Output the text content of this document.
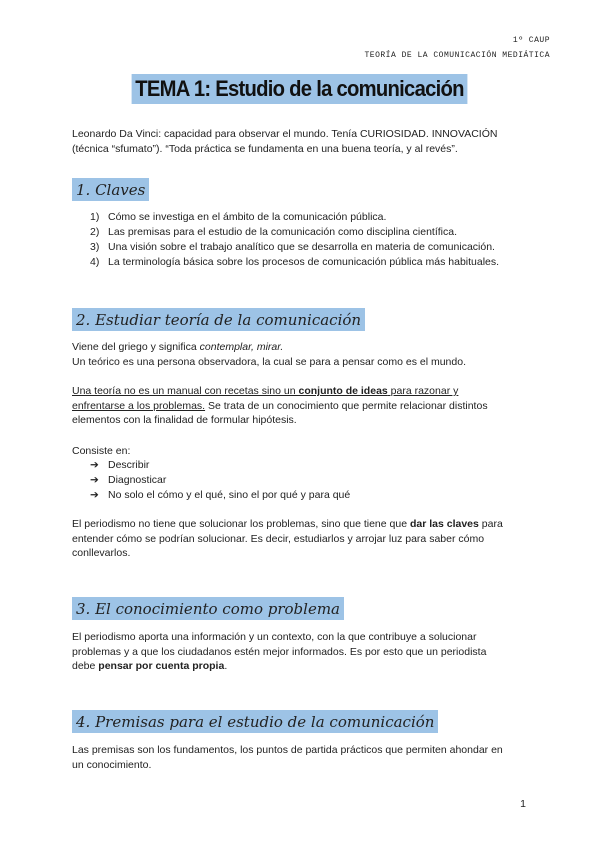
1º CAUP
TEORÍA DE LA COMUNICACIÓN MEDIÁTICA
TEMA 1: Estudio de la comunicación
Leonardo Da Vinci: capacidad para observar el mundo. Tenía CURIOSIDAD. INNOVACIÓN
(técnica “sfumato”). “Toda práctica se fundamenta en una buena teoría, y al revés”.
1. Claves
1) Cómo se investiga en el ámbito de la comunicación pública.
2) Las premisas para el estudio de la comunicación como disciplina científica.
3) Una visión sobre el trabajo analítico que se desarrolla en materia de comunicación.
4) La terminología básica sobre los procesos de comunicación pública más habituales.
2. Estudiar teoría de la comunicación
Viene del griego y significa contemplar, mirar.
Un teórico es una persona observadora, la cual se para a pensar como es el mundo.
Una teoría no es un manual con recetas sino un conjunto de ideas para razonar y
enfrentarse a los problemas. Se trata de un conocimiento que permite relacionar distintos
elementos con la finalidad de formular hipótesis.
Consiste en:
➔ Describir
➔ Diagnosticar
➔ No solo el cómo y el qué, sino el por qué y para qué
El periodismo no tiene que solucionar los problemas, sino que tiene que dar las claves para
entender cómo se podrían solucionar. Es decir, estudiarlos y arrojar luz para saber cómo
conllevarlos.
3. El conocimiento como problema
El periodismo aporta una información y un contexto, con la que contribuye a solucionar
problemas y a que los ciudadanos estén mejor informados. Es por esto que un periodista
debe pensar por cuenta propia.
4. Premisas para el estudio de la comunicación
Las premisas son los fundamentos, los puntos de partida prácticos que permiten ahondar en
un conocimiento.
1
